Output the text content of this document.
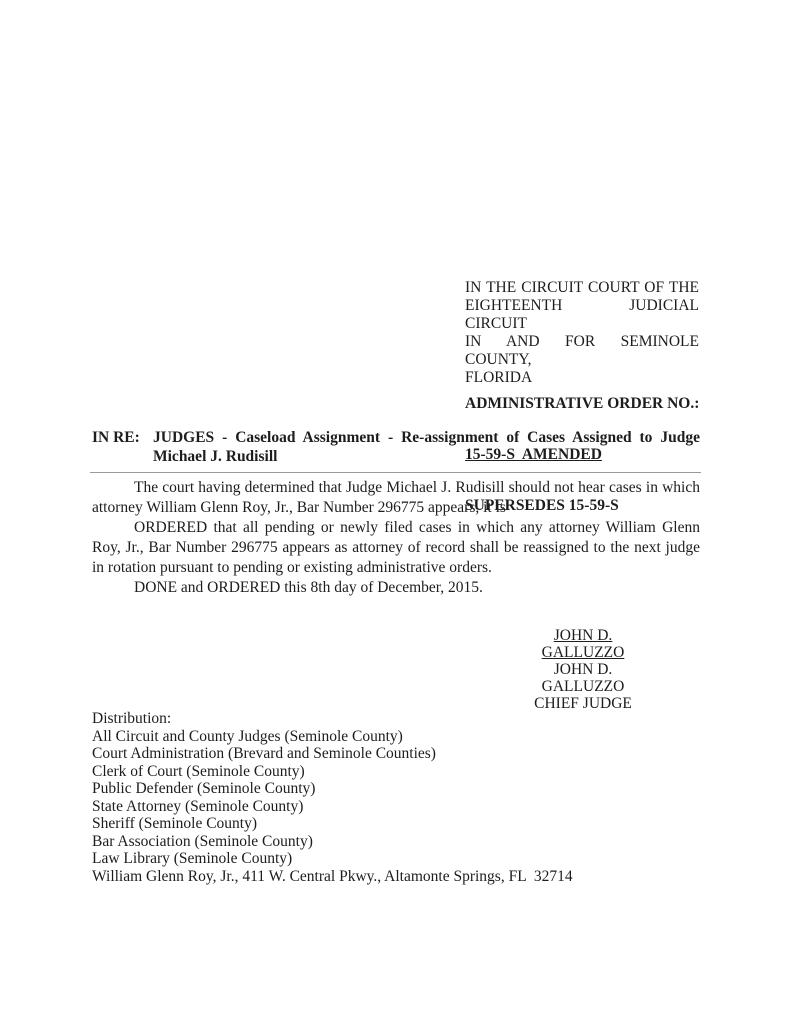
IN THE CIRCUIT COURT OF THE
EIGHTEENTH JUDICIAL CIRCUIT
IN AND FOR SEMINOLE COUNTY,
FLORIDA

ADMINISTRATIVE ORDER NO.:

15-59-S  AMENDED

SUPERSEDES 15-59-S

IN RE: JUDGES - Caseload Assignment - Re-assignment of Cases Assigned to Judge Michael J. Rudisill

The court having determined that Judge Michael J. Rudisill should not hear cases in which attorney William Glenn Roy, Jr., Bar Number 296775 appears, it is

ORDERED that all pending or newly filed cases in which any attorney William Glenn Roy, Jr., Bar Number 296775 appears as attorney of record shall be reassigned to the next judge in rotation pursuant to pending or existing administrative orders.

DONE and ORDERED this 8th day of December, 2015.

JOHN D. GALLUZZO
JOHN D. GALLUZZO
CHIEF JUDGE
Distribution:
All Circuit and County Judges (Seminole County)
Court Administration (Brevard and Seminole Counties)
Clerk of Court (Seminole County)
Public Defender (Seminole County)
State Attorney (Seminole County)
Sheriff (Seminole County)
Bar Association (Seminole County)
Law Library (Seminole County)
William Glenn Roy, Jr., 411 W. Central Pkwy., Altamonte Springs, FL  32714
